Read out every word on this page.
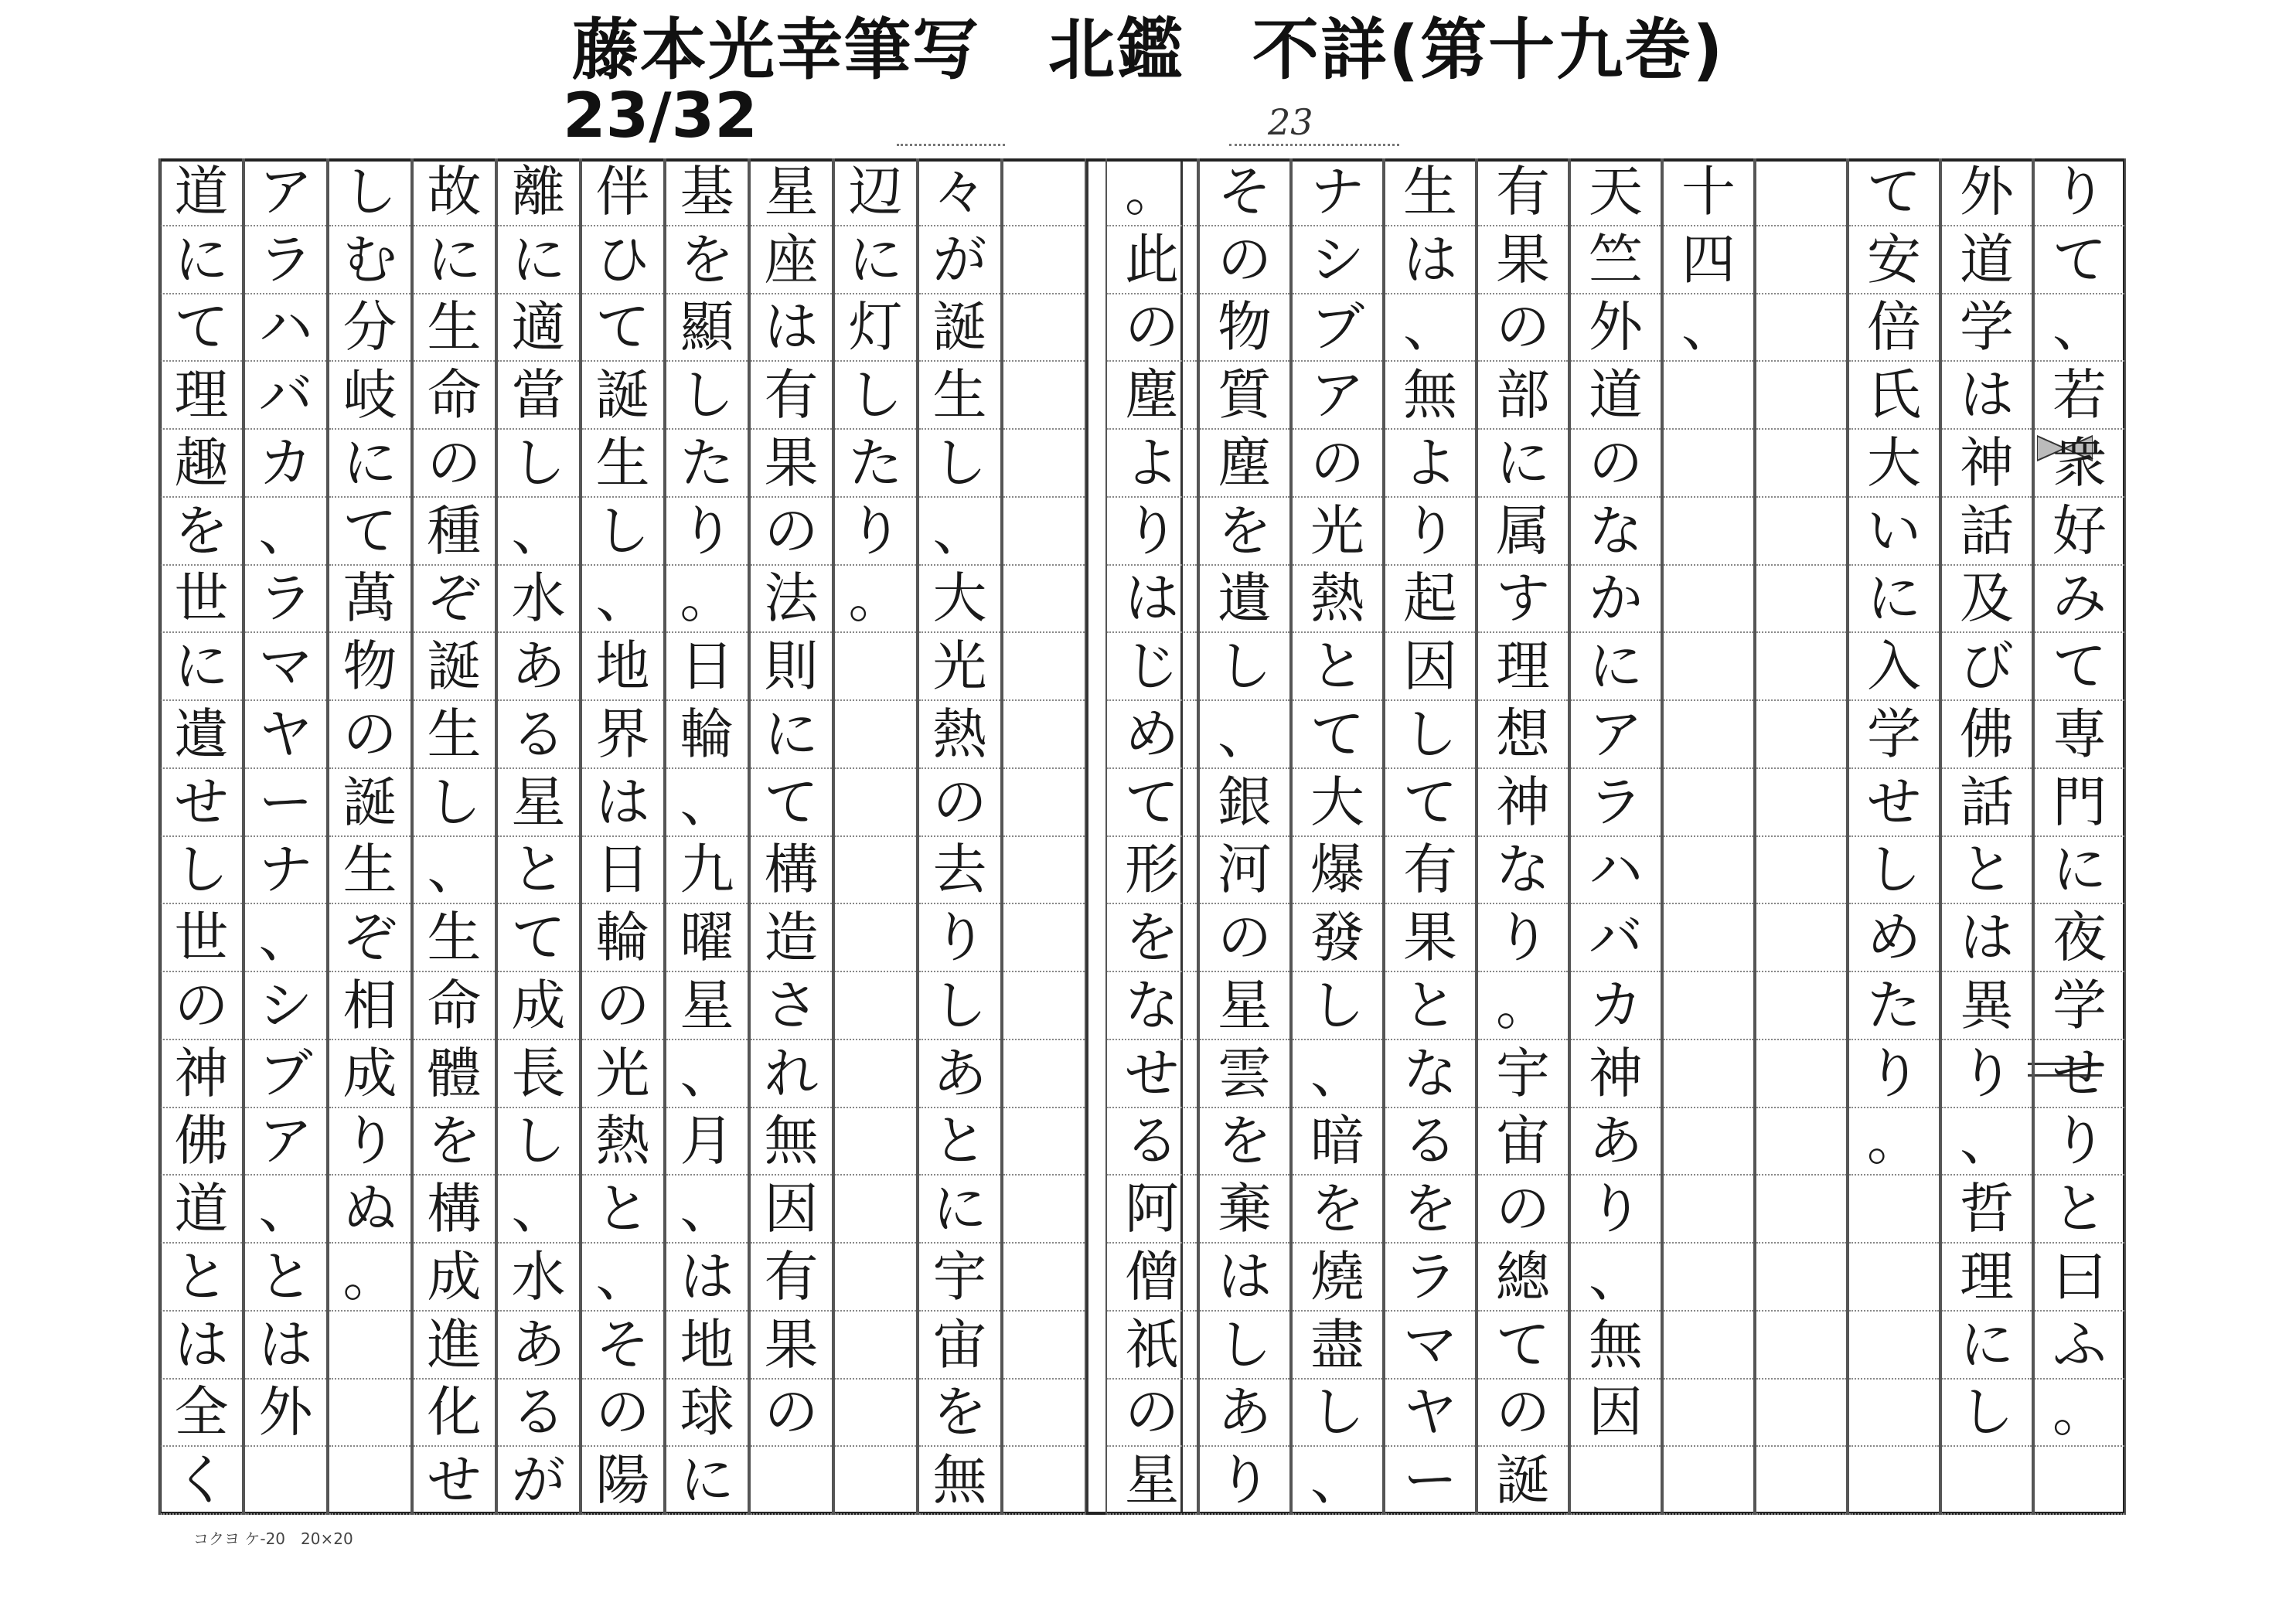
藤本光幸筆写　北鑑　不詳(第十九巻)
23/32	23
り
て
、
若
衆
好
み
て
専
門
に
夜
学
せ
り
と
曰
ふ
。
外
道
学
は
神
話
及
び
佛
話
と
は
異
り
、
哲
理
に
し
て
安
倍
氏
大
い
に
入
学
せ
し
め
た
り
。
十
四
、
天
竺
外
道
の
な
か
に
ア
ラ
ハ
バ
カ
神
あ
り
、
無
因
有
果
の
部
に
属
す
理
想
神
な
り
。
宇
宙
の
總
て
の
誕
生
は
、
無
よ
り
起
因
し
て
有
果
と
な
る
を
ラ
マ
ヤ
ー
ナ
シ
ブ
ア
の
光
熱
と
て
大
爆
發
し
、
暗
を
燒
盡
し
、
そ
の
物
質
塵
を
遺
し
、
銀
河
の
星
雲
を
棄
は
し
あ
り
。
此
の
塵
よ
り
は
じ
め
て
形
を
な
せ
る
阿
僧
祇
の
星
々
が
誕
生
し
、
大
光
熱
の
去
り
し
あ
と
に
宇
宙
を
無
辺
に
灯
し
た
り
。
星
座
は
有
果
の
法
則
に
て
構
造
さ
れ
無
因
有
果
の
基
を
顯
し
た
り
。
日
輪
、
九
曜
星
、
月
、
は
地
球
に
伴
ひ
て
誕
生
し
、
地
界
は
日
輪
の
光
熱
と
、
そ
の
陽
離
に
適
當
し
、
水
あ
る
星
と
て
成
長
し
、
水
あ
る
が
故
に
生
命
の
種
ぞ
誕
生
し
、
生
命
體
を
構
成
進
化
せ
し
む
分
岐
に
て
萬
物
の
誕
生
ぞ
相
成
り
ぬ
。
ア
ラ
ハ
バ
カ
、
ラ
マ
ヤ
ー
ナ
、
シ
ブ
ア
、
と
は
外
道
に
て
理
趣
を
世
に
遺
せ
し
世
の
神
佛
道
と
は
全
く
コクヨ ケ-20　20×20
